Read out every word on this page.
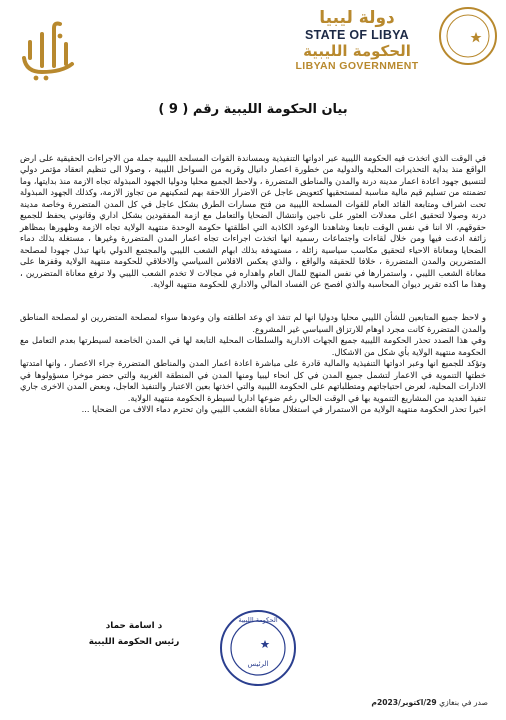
دولة ليبيا
STATE OF LIBYA
الحكومة الليبية
LIBYAN GOVERNMENT
بيان الحكومة الليبية رقم ( 9 )

في الوقت الذي اتخذت فيه الحكومة الليبية عبر ادواتها التنفيذية وبمساندة القوات المسلحة الليبية جملة من الاجراءات الحقيقية على ارض الواقع منذ بداية التحذيرات المحلية والدولية من خطورة اعصار دانيال وقربه من السواحل الليبية ، وصولا الى تنظيم انعقاد مؤتمر دولي لتنسيق جهود اعادة اعمار مدينة درنة والمدن والمناطق المتضررة ، ولاحظ الجميع محليا ودوليا الجهود المبذولة تجاه الازمة منذ بدايتها، وما تضمنته من تسليم قيم مالية مناسبة لمستحقيها كتعويض عاجل عن الاضرار اللاحقة بهم لتمكينهم من تجاوز الازمة، وكذلك الجهود المبذولة تحت اشراف ومتابعة القائد العام للقوات المسلحة الليبية من فتح مسارات الطرق بشكل عاجل في كل المدن المتضررة وخاصة مدينة درنة وصولا لتحقيق اعلى معدلات العثور على ناجين وانتشال الضحايا والتعامل مع ازمة المفقودين بشكل اداري وقانوني يحفظ للجميع حقوقهم، الا اننا في نفس الوقت تابعنا وشاهدنا الوعود الكاذبة التي اطلقتها حكومة الوحدة منتهية الولاية تجاه الازمة وظهورها بمظاهر زائفة ادعت فيها ومن خلال لقاءات واجتماعات رسمية انها اتخذت اجراءات تجاه اعمار المدن المتضررة وغيرها ، مستغلة بذلك دماء الضحايا ومعاناة الاحياء لتحقيق مكاسب سياسية زائلة ، مستهدفة بذلك ابهام الشعب الليبي والمجتمع الدولي بانها تبذل جهودا لمصلحة المتضررين والمدن المتضررة ، خلافا للحقيقة والواقع ، والذي يعكس الافلاس السياسي والاخلاقي للحكومة منتهية الولاية وقفزها على معاناة الشعب الليبي ، واستمرارها في نفس المنهج للمال العام واهداره في مجالات لا تخدم الشعب الليبي ولا ترفع معاناة المتضررين ، وهذا ما اكده تقرير ديوان المحاسبة والذي افصح عن الفساد المالي والاداري للحكومة منتهية الولاية.

و لاحظ جميع المتابعين للشأن الليبي محليا ودوليا انها لم تنفذ اي وعد اطلقته وان وعودها سواء لمصلحة المتضررين او لمصلحة المناطق والمدن المتضررة كانت مجرد اوهام للارتزاق السياسي غير المشروع.

وفي هذا الصدد تحذر الحكومة الليبية جميع الجهات الادارية والسلطات المحلية التابعة لها في المدن الخاضعة لسيطرتها بعدم التعامل مع الحكومة منتهية الولاية بأي شكل من الاشكال.

وتؤكد للجميع انها وعبر ادواتها التنفيذية والمالية قادرة على مباشرة اعادة اعمار المدن والمناطق المتضررة جراء الاعصار ، وانها امتدتها خطتها التنموية في الاعمار لتشمل جميع المدن في كل انحاء ليبيا ومنها المدن في المنطقة الغربية والتي حضر موخرا مسؤولوها في الادارات المحلية، لعرض احتياجاتهم ومتطلباتهم على الحكومة الليبية والتي اخذتها بعين الاعتبار والتنفيذ العاجل، وبعض المدن الاخرى جاري تنفيذ العديد من المشاريع التنموية بها في الوقت الحالي رغم ضوعها اداريا لسيطرة الحكومة منتهية الولاية.

اخيرا تحذر الحكومة منتهية الولاية من الاستمرار في استغلال معاناة الشعب الليبي وان تحترم دماء الالاف من الضحايا ...

د اسامة حماد
رئيس الحكومة الليبية
الرئيس
الحكومة الليبية
صدر في بنغازي 29/اكتوبر/2023م
